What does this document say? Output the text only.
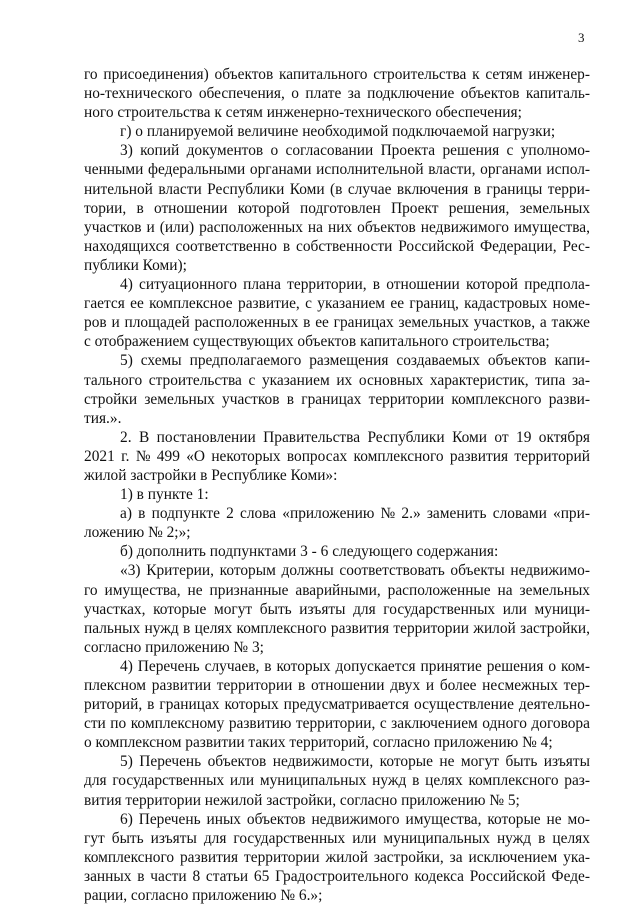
3

го присоединения) объектов капитального строительства к сетям инженер-

но-технического обеспечения, о плате за подключение объектов капиталь-

ного строительства к сетям инженерно-технического обеспечения;

г) о планируемой величине необходимой подключаемой нагрузки;

3) копий документов о согласовании Проекта решения с уполномо-

ченными федеральными органами исполнительной власти, органами испол-

нительной власти Республики Коми (в случае включения в границы терри-

тории, в отношении которой подготовлен Проект решения, земельных

участков и (или) расположенных на них объектов недвижимого имущества,

находящихся соответственно в собственности Российской Федерации, Рес-

публики Коми);

4) ситуационного плана территории, в отношении которой предпола-

гается ее комплексное развитие, с указанием ее границ, кадастровых номе-

ров и площадей расположенных в ее границах земельных участков, а также

с отображением существующих объектов капитального строительства;

5) схемы предполагаемого размещения создаваемых объектов капи-

тального строительства с указанием их основных характеристик, типа за-

стройки земельных участков в границах территории комплексного разви-

тия.».

2. В постановлении Правительства Республики Коми от 19 октября

2021 г. № 499 «О некоторых вопросах комплексного развития территорий

жилой застройки в Республике Коми»:

1) в пункте 1:

а) в подпункте 2 слова «приложению № 2.» заменить словами «при-

ложению № 2;»;

б) дополнить подпунктами 3 - 6 следующего содержания:

«3) Критерии, которым должны соответствовать объекты недвижимо-

го имущества, не признанные аварийными, расположенные на земельных

участках, которые могут быть изъяты для государственных или муници-

пальных нужд в целях комплексного развития территории жилой застройки,

согласно приложению № 3;

4) Перечень случаев, в которых допускается принятие решения о ком-

плексном развитии территории в отношении двух и более несмежных тер-

риторий, в границах которых предусматривается осуществление деятельно-

сти по комплексному развитию территории, с заключением одного договора

о комплексном развитии таких территорий, согласно приложению № 4;

5) Перечень объектов недвижимости, которые не могут быть изъяты

для государственных или муниципальных нужд в целях комплексного раз-

вития территории нежилой застройки, согласно приложению № 5;

6) Перечень иных объектов недвижимого имущества, которые не мо-

гут быть изъяты для государственных или муниципальных нужд в целях

комплексного развития территории жилой застройки, за исключением ука-

занных в части 8 статьи 65 Градостроительного кодекса Российской Феде-

рации, согласно приложению № 6.»;
